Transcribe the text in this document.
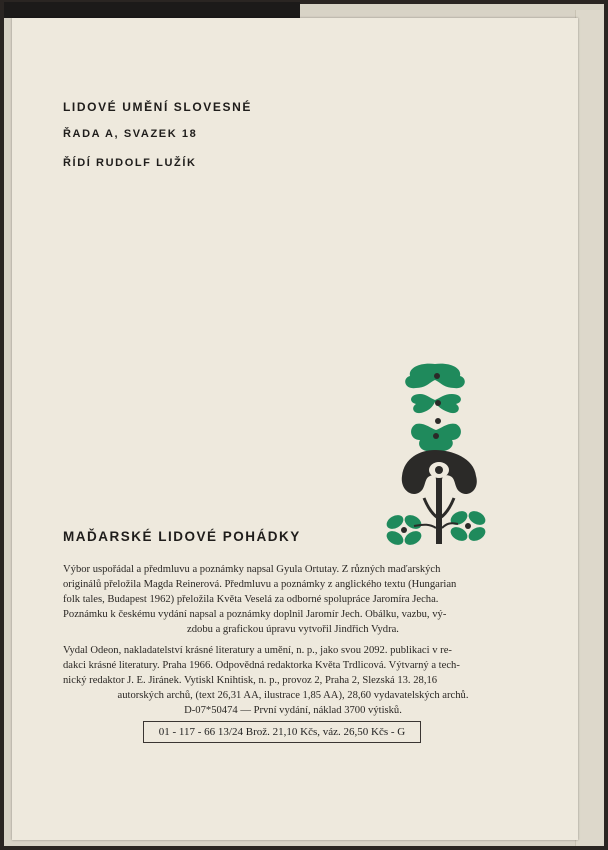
LIDOVÉ UMĚNÍ SLOVESNÉ
ŘADA A, SVAZEK 18
ŘÍDÍ RUDOLF LUŽÍK
MAĎARSKÉ LIDOVÉ POHÁDKY
Výbor uspořádal a předmluvu a poznámky napsal Gyula Ortutay. Z různých maďarských
originálů přeložila Magda Reinerová. Předmluvu a poznámky z anglického textu (Hungarian
folk tales, Budapest 1962) přeložila Květa Veselá za odborné spolupráce Jaromíra Jecha.
Poznámku k českému vydání napsal a poznámky doplnil Jaromír Jech. Obálku, vazbu, vý-
zdobu a grafickou úpravu vytvořil Jindřich Vydra.
Vydal Odeon, nakladatelství krásné literatury a umění, n. p., jako svou 2092. publikaci v re-
dakci krásné literatury. Praha 1966. Odpovědná redaktorka Květa Trdlicová. Výtvarný a tech-
nický redaktor J. E. Jiránek. Vytiskl Knihtisk, n. p., provoz 2, Praha 2, Slezská 13. 28,16
autorských archů, (text 26,31 AA, ilustrace 1,85 AA), 28,60 vydavatelských archů.
D-07*50474 — První vydání, náklad 3700 výtisků.
01 - 117 - 66 13/24 Brož. 21,10 Kčs, váz. 26,50 Kčs - G
